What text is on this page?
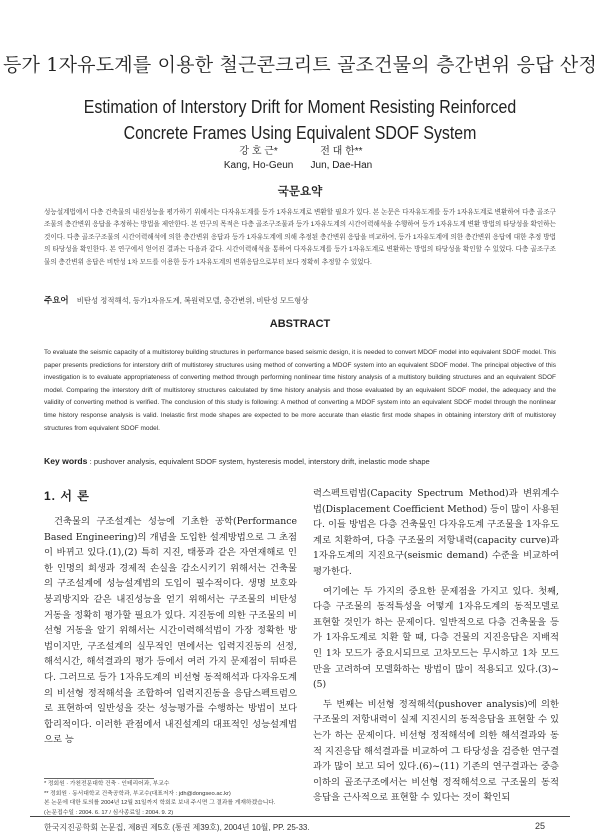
등가 1자유도계를 이용한 철근콘크리트 골조건물의 층간변위 응답 산정
Estimation of Interstory Drift for Moment Resisting Reinforced
Concrete Frames Using Equivalent SDOF System
강 호 근*	전 대 한**
Kang, Ho-Geun Jun, Dae-Han
국문요약
성능설계법에서 다층 건축물의 내진성능을 평가하기 위해서는 다자유도계를 등가 1자유도계로 변환할 필요가 있다. 본 논문은 다자유도계를 등가 1자유도계로 변환하여 다층 골조구조물의 층간변위 응답을 추정하는 방법을 제안한다. 본 연구의 목적은 다층 골조구조물과 등가 1자유도계의 시간이력해석을 수행하여 등가 1자유도계 변환 방법의 타당성을 확인하는 것이다. 다층 골조구조물의 시간이력해석에 의한 층간변위 응답과 등가 1자유도계에 의해 추정된 층간변위 응답을 비교하여, 등가 1자유도계에 의한 층간변위 응답에 대한 추정 방법의 타당성을 확인한다. 본 연구에서 얻어진 결과는 다음과 같다. 시간이력해석을 통하여 다자유도계를 등가 1자유도계로 변환하는 방법의 타당성을 확인할 수 있었다. 다층 골조구조물의 층간변위 응답은 비탄성 1차 모드를 이용한 등가 1자유도계의 변위응답으로부터 보다 정확히 추정할 수 있었다.
주요어 비탄성 정적해석, 등가1자유도계, 복원력모델, 층간변위, 비탄성 모드형상
ABSTRACT
To evaluate the seismic capacity of a multistorey building structures in performance based seismic design, it is needed to convert MDOF model into equivalent SDOF model. This paper presents predictions for interstory drift of multistorey structures using method of converting a MDOF system into an equivalent SDOF model. The principal objective of this investigation is to evaluate appropriateness of converting method through performing nonlinear time history analysis of a multistory building structures and an equivalent SDOF model. Comparing the interstory drift of multistorey structures calculated by time history analysis and those evaluated by an equivalent SDOF model, the adequacy and the validity of converting method is verified. The conclusion of this study is following: A method of converting a MDOF system into an equivalent SDOF model through the nonlinear time history response analysis is valid. Inelastic first mode shapes are expected to be more accurate than elastic first mode shapes in obtaining interstory drift of multistorey structures from equivalent SDOF model.
Key words : pushover analysis, equivalent SDOF system, hysteresis model, interstory drift, inelastic mode shape
1. 서 론

건축물의 구조설계는 성능에 기초한 공학(Performance Based Engineering)의 개념을 도입한 설계방법으로 그 초점이 바뀌고 있다.(1),(2) 특히 지진, 태풍과 같은 자연재해로 인한 인명의 희생과 경제적 손실을 감소시키기 위해서는 건축물의 구조설계에 성능설계법의 도입이 필수적이다. 생명 보호와 붕괴방지와 같은 내진성능을 얻기 위해서는 구조물의 비탄성 거동을 정확히 평가할 필요가 있다. 지진동에 의한 구조물의 비선형 거동을 알기 위해서는 시간이력해석법이 가장 정확한 방법이지만, 구조설계의 실무적인 면에서는 입력지진동의 선정, 해석시간, 해석결과의 평가 등에서 여러 가지 문제점이 뒤따른다. 그러므로 등가 1자유도계의 비선형 동적해석과 다자유도계의 비선형 정적해석을 조합하여 입력지진동을 응답스펙트럼으로 표현하여 일반성을 갖는 성능평가를 수행하는 방법이 보다 합리적이다. 이러한 관점에서 내진설계의 대표적인 성능설계법으로 능

력스펙트럼법(Capacity Spectrum Method)과 변위계수법(Displacement Coefficient Method) 등이 많이 사용된다. 이들 방법은 다층 건축물인 다자유도계 구조물을 1자유도계로 치환하여, 다층 구조물의 저항내력(capacity curve)과 1자유도계의 지진요구(seismic demand) 수준을 비교하여 평가한다.

여기에는 두 가지의 중요한 문제점을 가지고 있다. 첫째, 다층 구조물의 동적특성을 어떻게 1자유도계의 동적모델로 표현할 것인가 하는 문제이다. 일반적으로 다층 건축물을 등가 1자유도계로 치환 할 때, 다층 건물의 지진응답은 지배적인 1차 모드가 중요시되므로 고차모드는 무시하고 1차 모드만을 고려하여 모델화하는 방법이 많이 적용되고 있다.(3)~(5)

두 번째는 비선형 정적해석(pushover analysis)에 의한 구조물의 저항내력이 실제 지진시의 동적응답을 표현할 수 있는가 하는 문제이다. 비선형 정적해석에 의한 해석결과와 동적 지진응답 해석결과를 비교하여 그 타당성을 검증한 연구결과가 많이 보고 되어 있다.(6)~(11) 기존의 연구결과는 중층 이하의 골조구조에서는 비선형 정적해석으로 구조물의 동적응답을 근사적으로 표현할 수 있다는 것이 확인되

* 정회원 · 가천전문대학 건축 · 인테리어과, 부교수
** 정회원 · 동서대학교 건축공학과, 부교수(대표저자 : jdh@dongseo.ac.kr)
본 논문에 대한 토의를 2004년 12월 31일까지 학회로 보내 주시면 그 결과를 게재하겠습니다.
(논문접수일 : 2004. 6. 17 / 심사종료일 : 2004. 9. 2)
한국지진공학회 논문집, 제8권 제5호 (통권 제39호), 2004년 10월, PP. 25-33.	25
